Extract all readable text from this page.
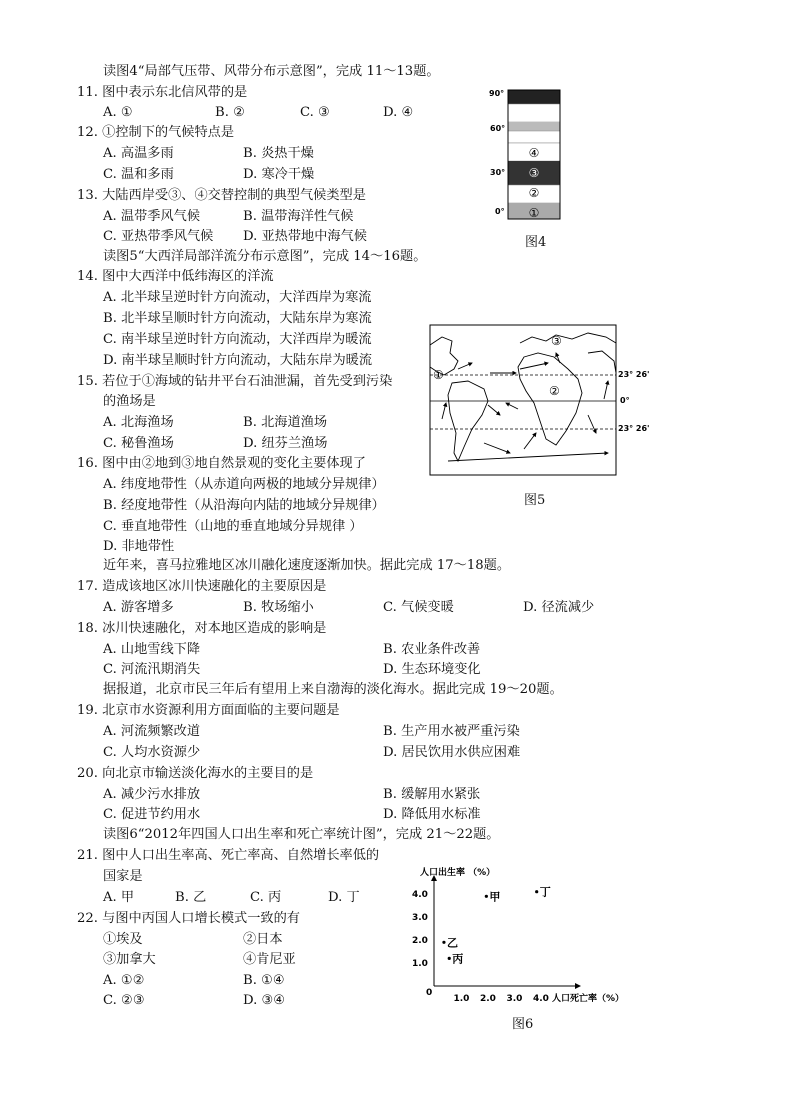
读图4“局部气压带、风带分布示意图”，完成 11～13题。
11. 图中表示东北信风带的是
A. ①	B. ②	C. ③	D. ④
12. ①控制下的气候特点是
A. 高温多雨	B. 炎热干燥
C. 温和多雨	D. 寒冷干燥
13. 大陆西岸受③、④交替控制的典型气候类型是
A. 温带季风气候	B. 温带海洋性气候
C. 亚热带季风气候 D. 亚热带地中海气候
读图5“大西洋局部洋流分布示意图”，完成 14～16题。
14. 图中大西洋中低纬海区的洋流
A. 北半球呈逆时针方向流动，大洋西岸为寒流
B. 北半球呈顺时针方向流动，大陆东岸为寒流
C. 南半球呈逆时针方向流动，大洋西岸为暖流
D. 南半球呈顺时针方向流动，大陆东岸为暖流
15. 若位于①海域的钻井平台石油泄漏，首先受到污染
的渔场是
A. 北海渔场	B. 北海道渔场
C. 秘鲁渔场	D. 纽芬兰渔场
16. 图中由②地到③地自然景观的变化主要体现了
A. 纬度地带性（从赤道向两极的地域分异规律）
B. 经度地带性（从沿海向内陆的地域分异规律）
C. 垂直地带性（山地的垂直地域分异规律 ）
D. 非地带性
近年来，喜马拉雅地区冰川融化速度逐渐加快。据此完成 17～18题。
17. 造成该地区冰川快速融化的主要原因是
A. 游客增多	B. 牧场缩小	C. 气候变暖	D. 径流减少
18. 冰川快速融化，对本地区造成的影响是
A. 山地雪线下降	B. 农业条件改善
C. 河流汛期消失	D. 生态环境变化
据报道，北京市民三年后有望用上来自渤海的淡化海水。据此完成 19～20题。
19. 北京市水资源利用方面面临的主要问题是
A. 河流频繁改道	B. 生产用水被严重污染
C. 人均水资源少	D. 居民饮用水供应困难
20. 向北京市输送淡化海水的主要目的是
A. 减少污水排放	B. 缓解用水紧张
C. 促进节约用水	D. 降低用水标准
读图6“2012年四国人口出生率和死亡率统计图”，完成 21～22题。
21. 图中人口出生率高、死亡率高、自然增长率低的
国家是
A. 甲	B. 乙	C. 丙	D. 丁
22. 与图中丙国人口增长模式一致的有
①埃及	②日本
③加拿大	④肯尼亚
A. ①②	B. ①④
C. ②③	D. ③④
90°
60°
30°
0°
④
③
②
①
图4
①
②
③
23° 26'
0°
23° 26'
图5
人口出生率 （%）
人口死亡率（%）
0
1.0 2.0 3.0 4.0
1.0
2.0
3.0
4.0	甲
乙
丙
丁
图6
